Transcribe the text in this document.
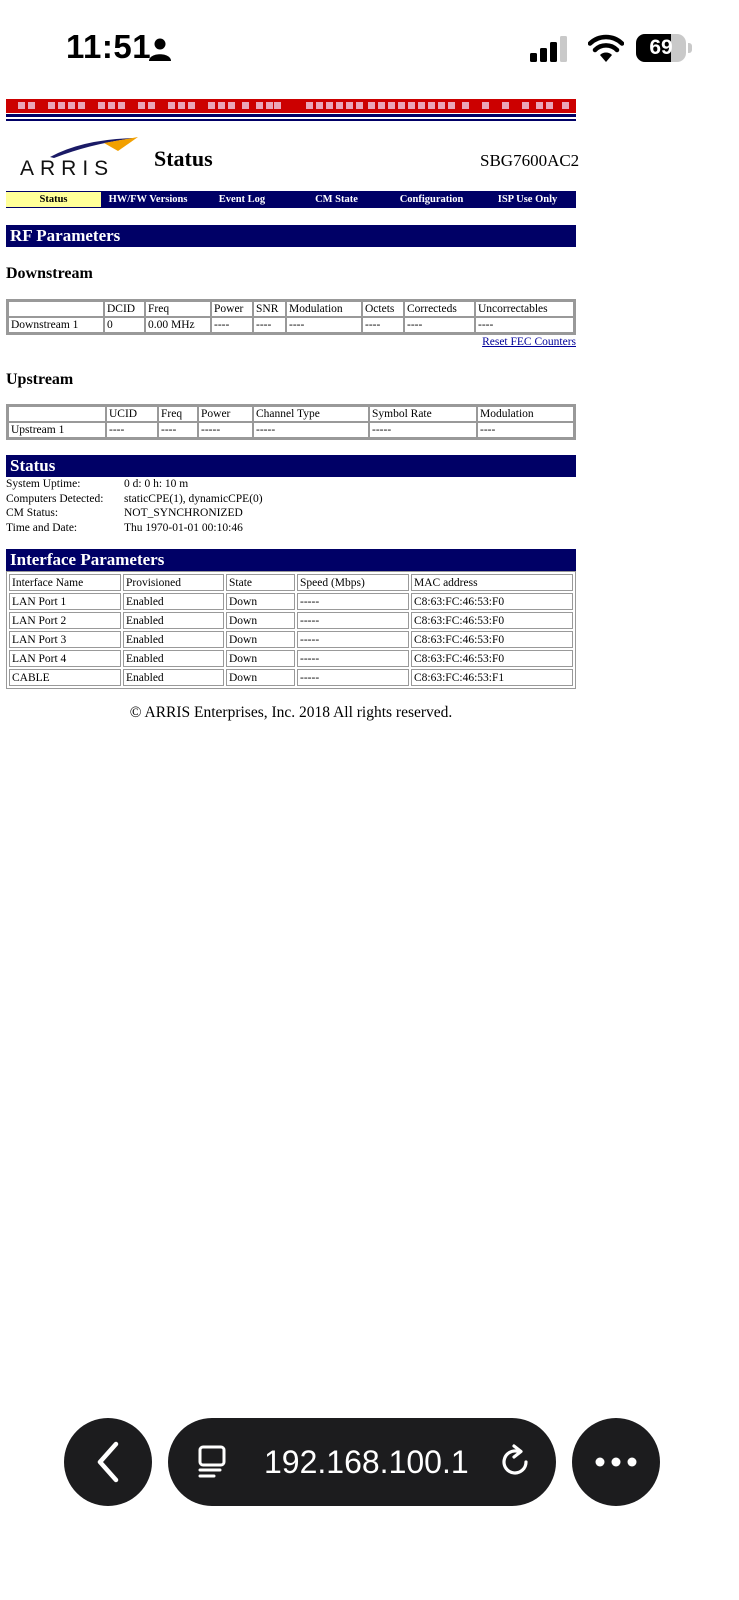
11:51	69
ARRIS Status	SBG7600AC2
Status	HW/FW Versions	Event Log	CM State	Configuration	ISP Use Only
RF Parameters
Downstream
	DCID	Freq	Power	SNR	Modulation	Octets	Correcteds	Uncorrectables
Downstream 1	0	0.00 MHz	----	----	----	----	----	----
Reset FEC Counters
Upstream
	UCID	Freq	Power	Channel Type	Symbol Rate	Modulation
Upstream 1	----	----	-----	-----	-----	----
Status
System Uptime:	0 d: 0 h: 10 m
Computers Detected:	staticCPE(1), dynamicCPE(0)
CM Status:	NOT_SYNCHRONIZED
Time and Date:	Thu 1970-01-01 00:10:46
Interface Parameters
Interface Name	Provisioned	State	Speed (Mbps)	MAC address
LAN Port 1	Enabled	Down	-----	C8:63:FC:46:53:F0
LAN Port 2	Enabled	Down	-----	C8:63:FC:46:53:F0
LAN Port 3	Enabled	Down	-----	C8:63:FC:46:53:F0
LAN Port 4	Enabled	Down	-----	C8:63:FC:46:53:F0
CABLE	Enabled	Down	-----	C8:63:FC:46:53:F1
© ARRIS Enterprises, Inc. 2018 All rights reserved.
192.168.100.1
